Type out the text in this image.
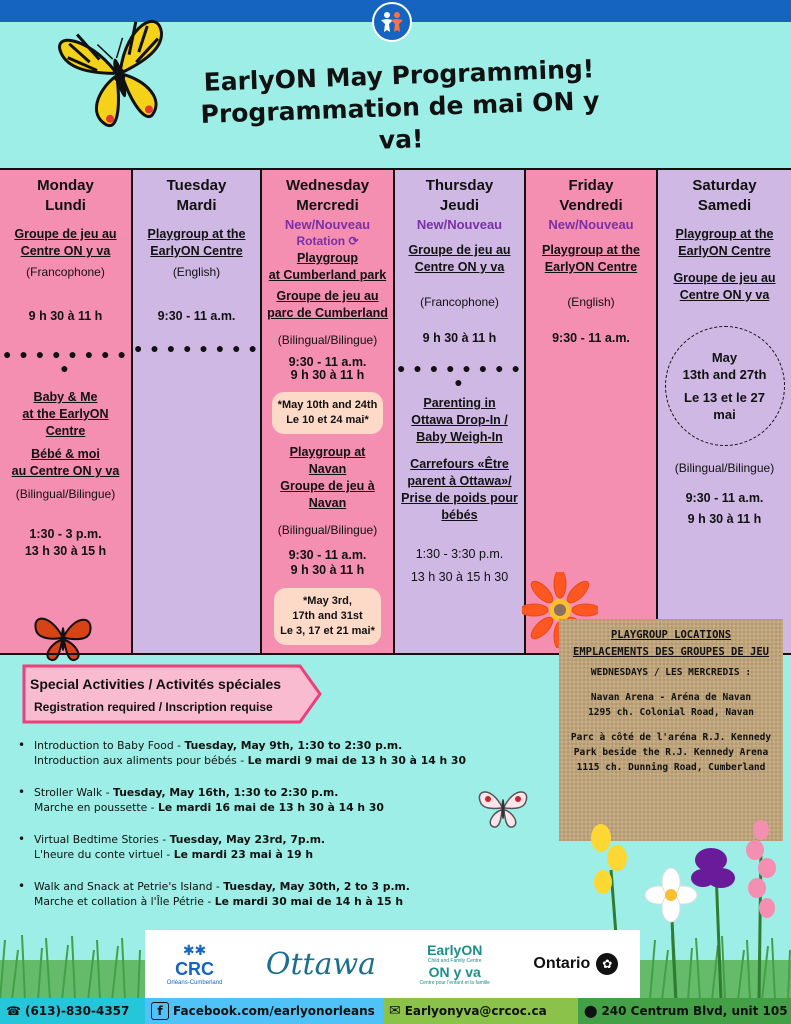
EarlyON May Programming!
Programmation de mai ON y va!
Monday
Lundi
Groupe de jeu au
Centre ON y va
(Francophone)
9 h 30 à 11 h
● ● ● ● ● ● ● ● ●
Baby & Me
at the EarlyON
Centre
Bébé & moi
au Centre ON y va
(Bilingual/Bilingue)
1:30 - 3 p.m.
13 h 30 à 15 h
Tuesday
Mardi
Playgroup at the
EarlyON Centre
(English)
9:30 - 11 a.m.
● ● ● ● ● ● ● ●
Wednesday
Mercredi
New/Nouveau
Rotation ⟳
Playgroup
at Cumberland park
Groupe de jeu au
parc de Cumberland
(Bilingual/Bilingue)
9:30 - 11 a.m.
9 h 30 à 11 h
*May 10th and 24th
Le 10 et 24 mai*
Playgroup at
Navan
Groupe de jeu à
Navan
(Bilingual/Bilingue)
9:30 - 11 a.m.
9 h 30 à 11 h
*May 3rd,
17th and 31st
Le 3, 17 et 21 mai*
Thursday
Jeudi
New/Nouveau
Groupe de jeu au
Centre ON y va
(Francophone)
9 h 30 à 11 h
● ● ● ● ● ● ● ● ●
Parenting in
Ottawa Drop-In /
Baby Weigh-In
Carrefours «Être
parent à Ottawa»/
Prise de poids pour
bébés
1:30 - 3:30 p.m.
13 h 30 à 15 h 30
Friday
Vendredi
New/Nouveau
Playgroup at the
EarlyON Centre
(English)
9:30 - 11 a.m.
Saturday
Samedi
Playgroup at the
EarlyON Centre
Groupe de jeu au
Centre ON y va
May
13th and 27th
Le 13 et le 27
mai
(Bilingual/Bilingue)
9:30 - 11 a.m.
9 h 30 à 11 h
Special Activities / Activités spéciales
Registration required / Inscription requise
• Introduction to Baby Food - Tuesday, May 9th, 1:30 to 2:30 p.m.
Introduction aux aliments pour bébés - Le mardi 9 mai de 13 h 30 à 14 h 30
• Stroller Walk - Tuesday, May 16th, 1:30 to 2:30 p.m.
Marche en poussette - Le mardi 16 mai de 13 h 30 à 14 h 30
• Virtual Bedtime Stories - Tuesday, May 23rd, 7p.m.
L'heure du conte virtuel - Le mardi 23 mai à 19 h
• Walk and Snack at Petrie's Island - Tuesday, May 30th, 2 to 3 p.m.
Marche et collation à l'Île Pétrie - Le mardi 30 mai de 14 h à 15 h
PLAYGROUP LOCATIONS
EMPLACEMENTS DES GROUPES DE JEU
WEDNESDAYS / LES MERCREDIS :
Navan Arena - Aréna de Navan
1295 ch. Colonial Road, Navan
Parc à côté de l'aréna R.J. Kennedy
Park beside the R.J. Kennedy Arena
1115 ch. Dunning Road, Cumberland
✱✱
CRC
Orléans-Cumberland
Ottawa	EarlyON
Child and Family Centre
ON y va
Centre pour l'enfant et la famille
Ontario ✿
☎ (613)-830-4357	f Facebook.com/earlyonorleans ✉ Earlyonyva@crcoc.ca	⬤ 240 Centrum Blvd, unit 105
